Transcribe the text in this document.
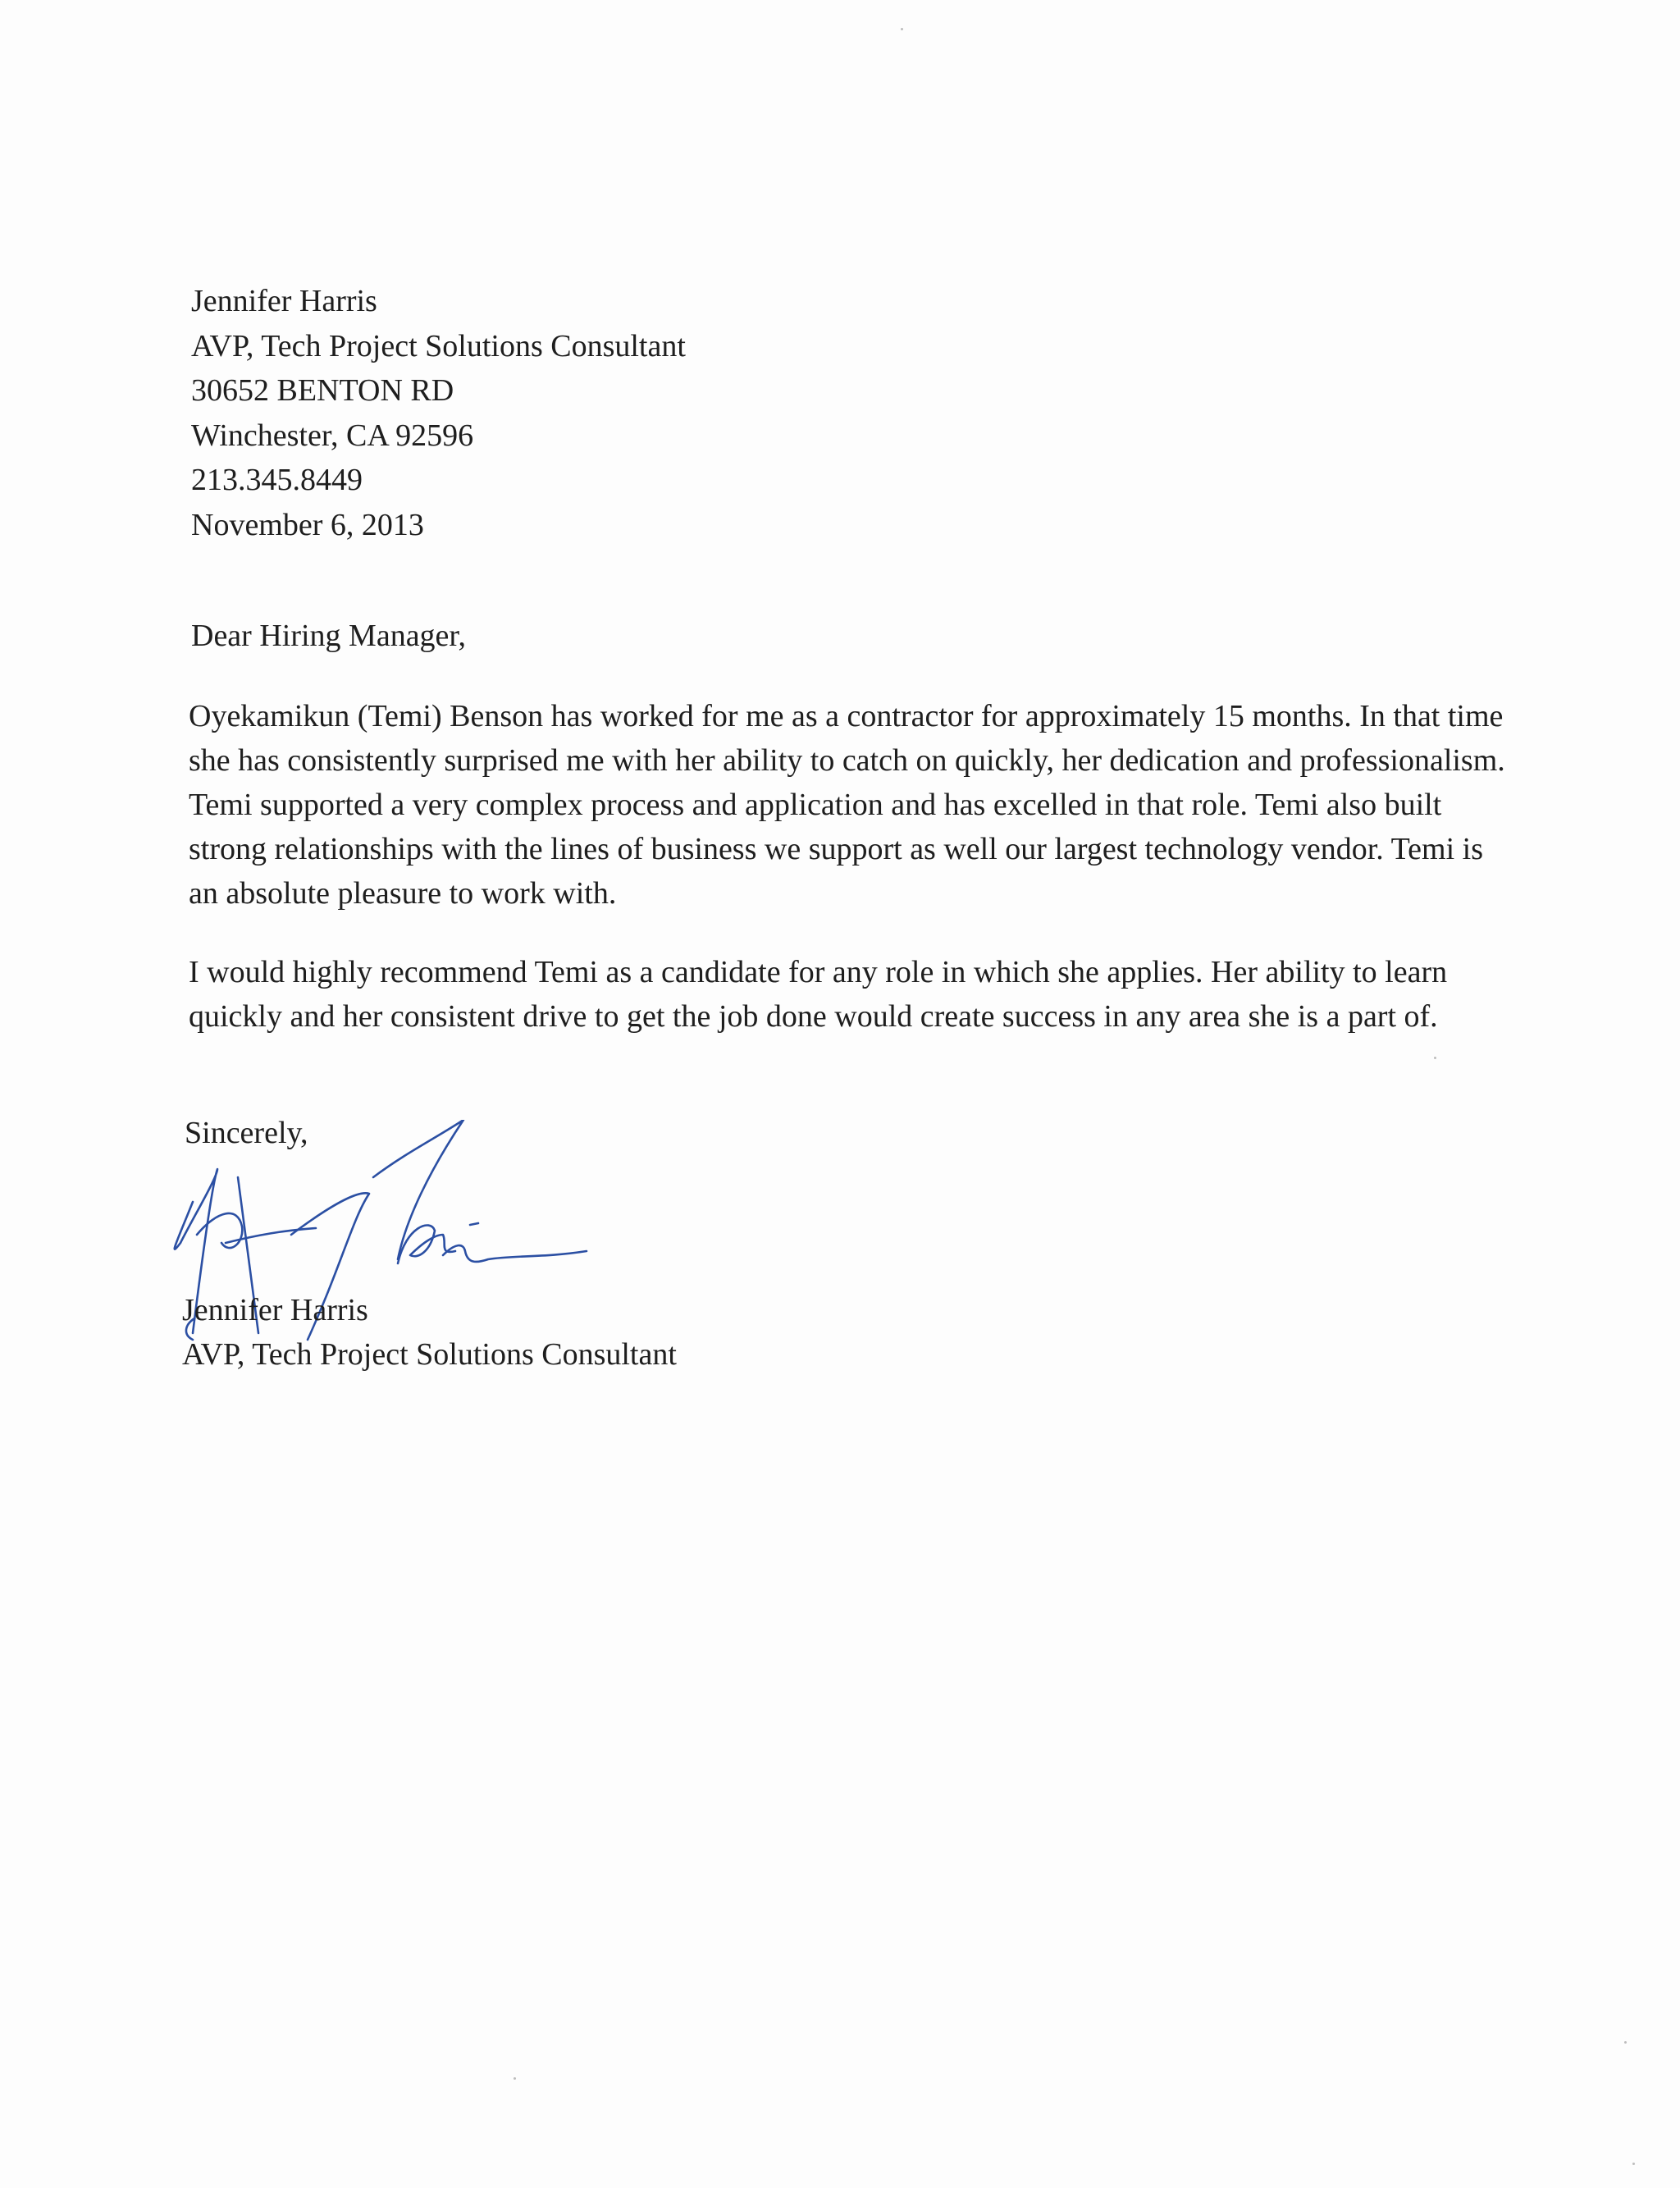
Jennifer Harris
AVP, Tech Project Solutions Consultant
30652 BENTON RD
Winchester, CA 92596
213.345.8449
November 6, 2013
Dear Hiring Manager,
Oyekamikun (Temi) Benson has worked for me as a contractor for approximately 15 months. In that time she has consistently surprised me with her ability to catch on quickly, her dedication and professionalism. Temi supported a very complex process and application and has excelled in that role. Temi also built strong relationships with the lines of business we support as well our largest technology vendor. Temi is an absolute pleasure to work with.
I would highly recommend Temi as a candidate for any role in which she applies. Her ability to learn quickly and her consistent drive to get the job done would create success in any area she is a part of.
Sincerely,
Jennifer Harris
AVP, Tech Project Solutions Consultant
